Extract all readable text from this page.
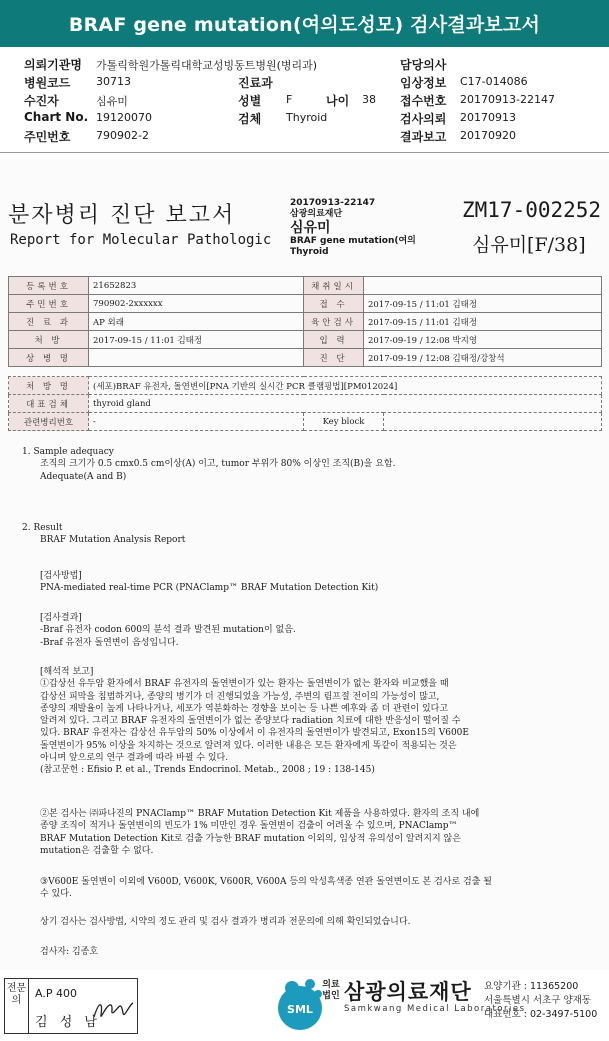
BRAF gene mutation(여의도성모) 검사결과보고서
의뢰기관명 가톨릭학원가톨릭대학교성빙동트병원(병리과)
병원코드 30713
수진자	심유미
Chart No. 19120070
주민번호 790902-2
진료과
성별 F	나이 38
검체 Thyroid
담당의사
임상정보 C17-014086
접수번호 20170913-22147
검사의뢰 20170913
결과보고 20170920
분자병리 진단 보고서
Report for Molecular Pathologic
20170913-22147
삼광의료재단
심유미
BRAF gene mutation(여의
Thyroid
ZM17-002252
심유미[F/38]
등록번호	21652823	채취일시	
주민번호	790902-2xxxxxx	접 수	2017-09-15 / 11:01 김태정
진 료 과	AP 외래	육안검사	2017-09-15 / 11:01 김태정
처 방	2017-09-15 / 11:01 김태정	입 력	2017-09-19 / 12:08 박지영
상 병 명		진 단	2017-09-19 / 12:08 김태정/강창석
처 방 명	(세포)BRAF 유전자, 돌연변이[PNA 기반의 실시간 PCR 클램핑법][PM012024]		
대표검체	thyroid gland		
관련병리번호	-	Key block	
1. Sample adequacy
조직의 크기가 0.5 cmx0.5 cm이상(A) 이고, tumor 부위가 80% 이상인 조직(B)을 요함.
Adequate(A and B)
2. Result
BRAF Mutation Analysis Report
[검사방법]
PNA-mediated real-time PCR (PNAClamp™ BRAF Mutation Detection Kit)
[검사결과]
-Braf 유전자 codon 600의 분석 결과 발견된 mutation이 없음.
-Braf 유전자 돌연변이 음성입니다.
[해석적 보고]
①갑상선 유두암 환자에서 BRAF 유전자의 돌연변이가 있는 환자는 돌연변이가 없는 환자와 비교했을 때
갑상선 피막을 침범하거나, 종양의 병기가 더 진행되었을 가능성, 주변의 림프절 전이의 가능성이 많고,
종양의 재발율이 높게 나타나거나, 세포가 역분화하는 경향을 보이는 등 나쁜 예후와 좀 더 관련이 있다고
알려져 있다. 그리고 BRAF 유전자의 돌연변이가 없는 종양보다 radiation 치료에 대한 반응성이 떨어질 수
있다. BRAF 유전자는 갑상선 유두암의 50% 이상에서 이 유전자의 돌연변이가 발견되고, Exon15의 V600E
돌연변이가 95% 이상을 차지하는 것으로 알려져 있다. 이러한 내용은 모든 환자에게 똑같이 적용되는 것은
아니며 앞으로의 연구 결과에 따라 바뀔 수 있다.
(참고문헌 : Efisio P. et al., Trends Endocrinol. Metab., 2008 ; 19 : 138-145)
②본 검사는 ㈜파나진의 PNAClamp™ BRAF Mutation Detection Kit 제품을 사용하였다. 환자의 조직 내에
종양 조직이 적거나 돌연변이의 빈도가 1% 미만인 경우 돌연변이 검출이 어려울 수 있으며, PNAClamp™
BRAF Mutation Detection Kit로 검출 가능한 BRAF mutation 이외의, 임상적 유의성이 알려지지 않은
mutation은 검출할 수 없다.
③V600E 돌연변이 이외에 V600D, V600K, V600R, V600A 등의 악성흑색종 연관 돌연변이도 본 검사로 검출 될
수 있다.
상기 검사는 검사방법, 시약의 정도 관리 및 검사 결과가 병리과 전문의에 의해 확인되었습니다.
검사자: 김종호
전문의
A.P 400
김 성 남
SML
의료법인 삼광의료재단
Samkwang Medical Laboratories
요양기관 : 11365200
서울특별시 서초구 양재동
대표번호 : 02-3497-5100
